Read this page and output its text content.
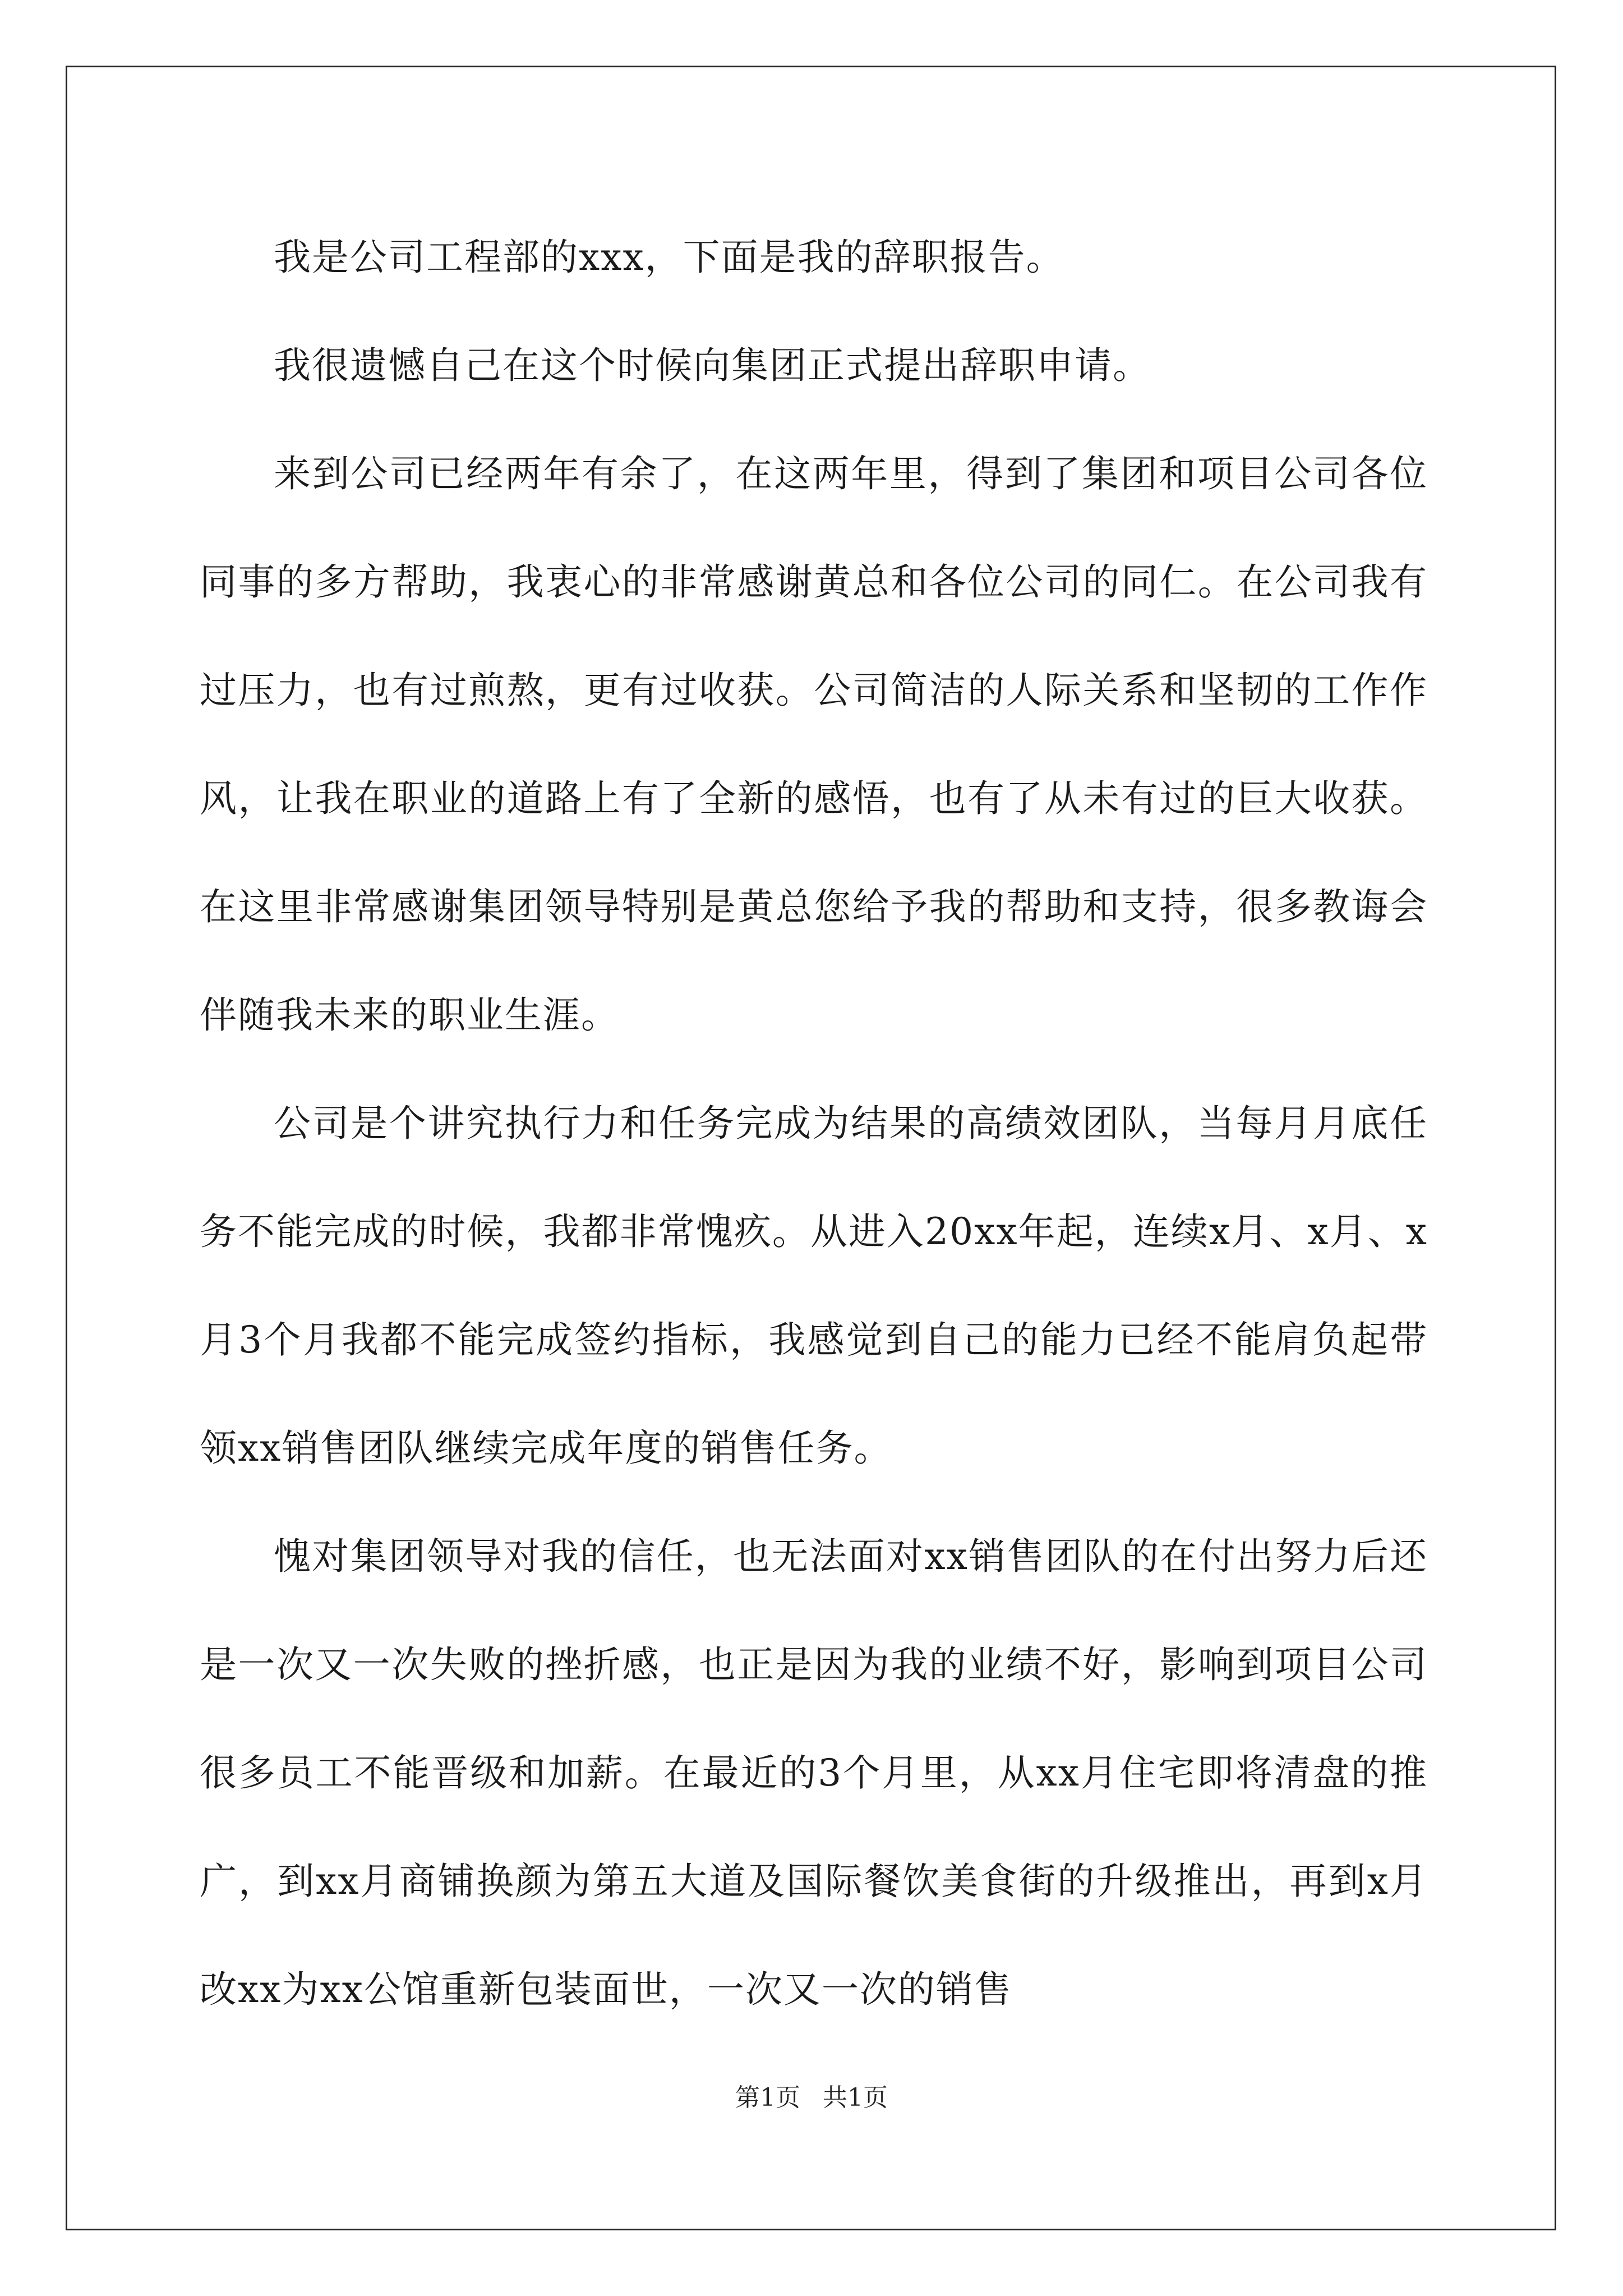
我是公司工程部的xxx，下面是我的辞职报告。

我很遗憾自己在这个时候向集团正式提出辞职申请。

来到公司已经两年有余了，在这两年里，得到了集团和项目公司各位同事的多方帮助，我衷心的非常感谢黄总和各位公司的同仁。在公司我有过压力，也有过煎熬，更有过收获。公司简洁的人际关系和坚韧的工作作风，让我在职业的道路上有了全新的感悟，也有了从未有过的巨大收获。在这里非常感谢集团领导特别是黄总您给予我的帮助和支持，很多教诲会伴随我未来的职业生涯。

公司是个讲究执行力和任务完成为结果的高绩效团队，当每月月底任务不能完成的时候，我都非常愧疚。从进入20xx年起，连续x月、x月、x月3个月我都不能完成签约指标，我感觉到自己的能力已经不能肩负起带领xx销售团队继续完成年度的销售任务。

愧对集团领导对我的信任，也无法面对xx销售团队的在付出努力后还是一次又一次失败的挫折感，也正是因为我的业绩不好，影响到项目公司很多员工不能晋级和加薪。在最近的3个月里，从xx月住宅即将清盘的推广，到xx月商铺换颜为第五大道及国际餐饮美食街的升级推出，再到x月改xx为xx公馆重新包装面世，一次又一次的销售

第1页 共1页
